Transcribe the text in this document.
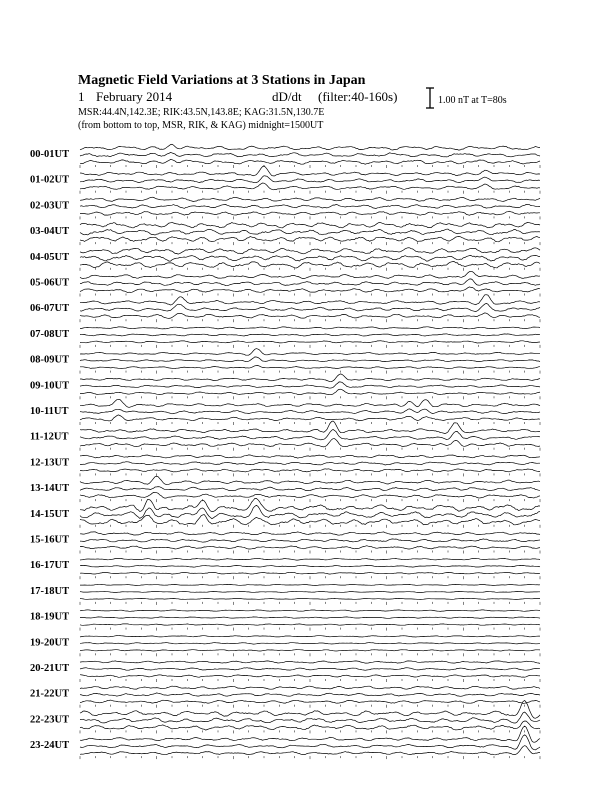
Magnetic Field Variations at 3 Stations in Japan
1 February 2014	dD/dt (filter:40-160s)
MSR:44.4N,142.3E; RIK:43.5N,143.8E; KAG:31.5N,130.7E
(from bottom to top, MSR, RIK, & KAG) midnight=1500UT
1.00 nT at T=80s
00-01UT
01-02UT
02-03UT
03-04UT
04-05UT
05-06UT
06-07UT
07-08UT
08-09UT
09-10UT
10-11UT
11-12UT
12-13UT
13-14UT
14-15UT
15-16UT
16-17UT
17-18UT
18-19UT
19-20UT
20-21UT
21-22UT
22-23UT
23-24UT
